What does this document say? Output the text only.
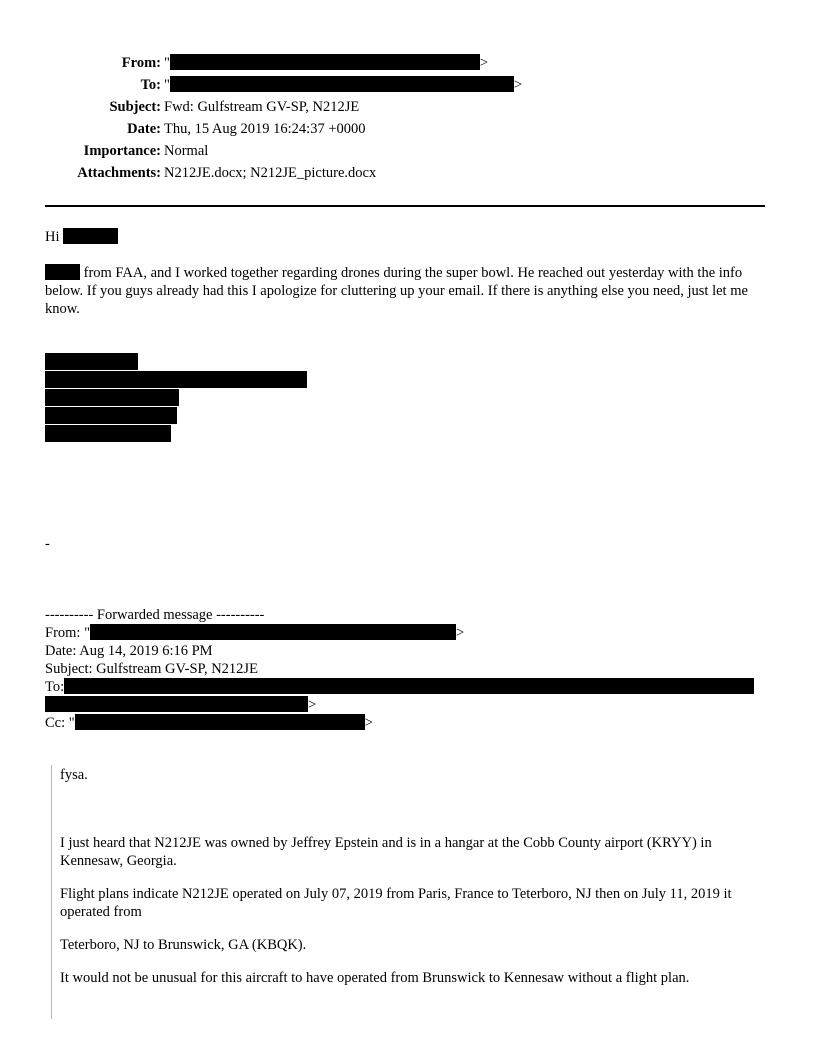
From: "	>
To: "	>
Subject: Fwd: Gulfstream GV-SP, N212JE
Date: Thu, 15 Aug 2019 16:24:37 +0000
Importance: Normal
Attachments: N212JE.docx; N212JE_picture.docx
Hi
from FAA, and I worked together regarding drones during the super bowl. He reached out yesterday with the info below. If you guys already had this I apologize for cluttering up your email. If there is anything else you need, just let me know.
-
---------- Forwarded message ----------
From: "	>
Date: Aug 14, 2019 6:16 PM
Subject: Gulfstream GV-SP, N212JE
To:
>
Cc: "	>
fysa.
I just heard that N212JE was owned by Jeffrey Epstein and is in a hangar at the Cobb County airport (KRYY) in Kennesaw, Georgia.
Flight plans indicate N212JE operated on July 07, 2019 from Paris, France to Teterboro, NJ then on July 11, 2019 it operated from
Teterboro, NJ to Brunswick, GA (KBQK).
It would not be unusual for this aircraft to have operated from Brunswick to Kennesaw without a flight plan.
